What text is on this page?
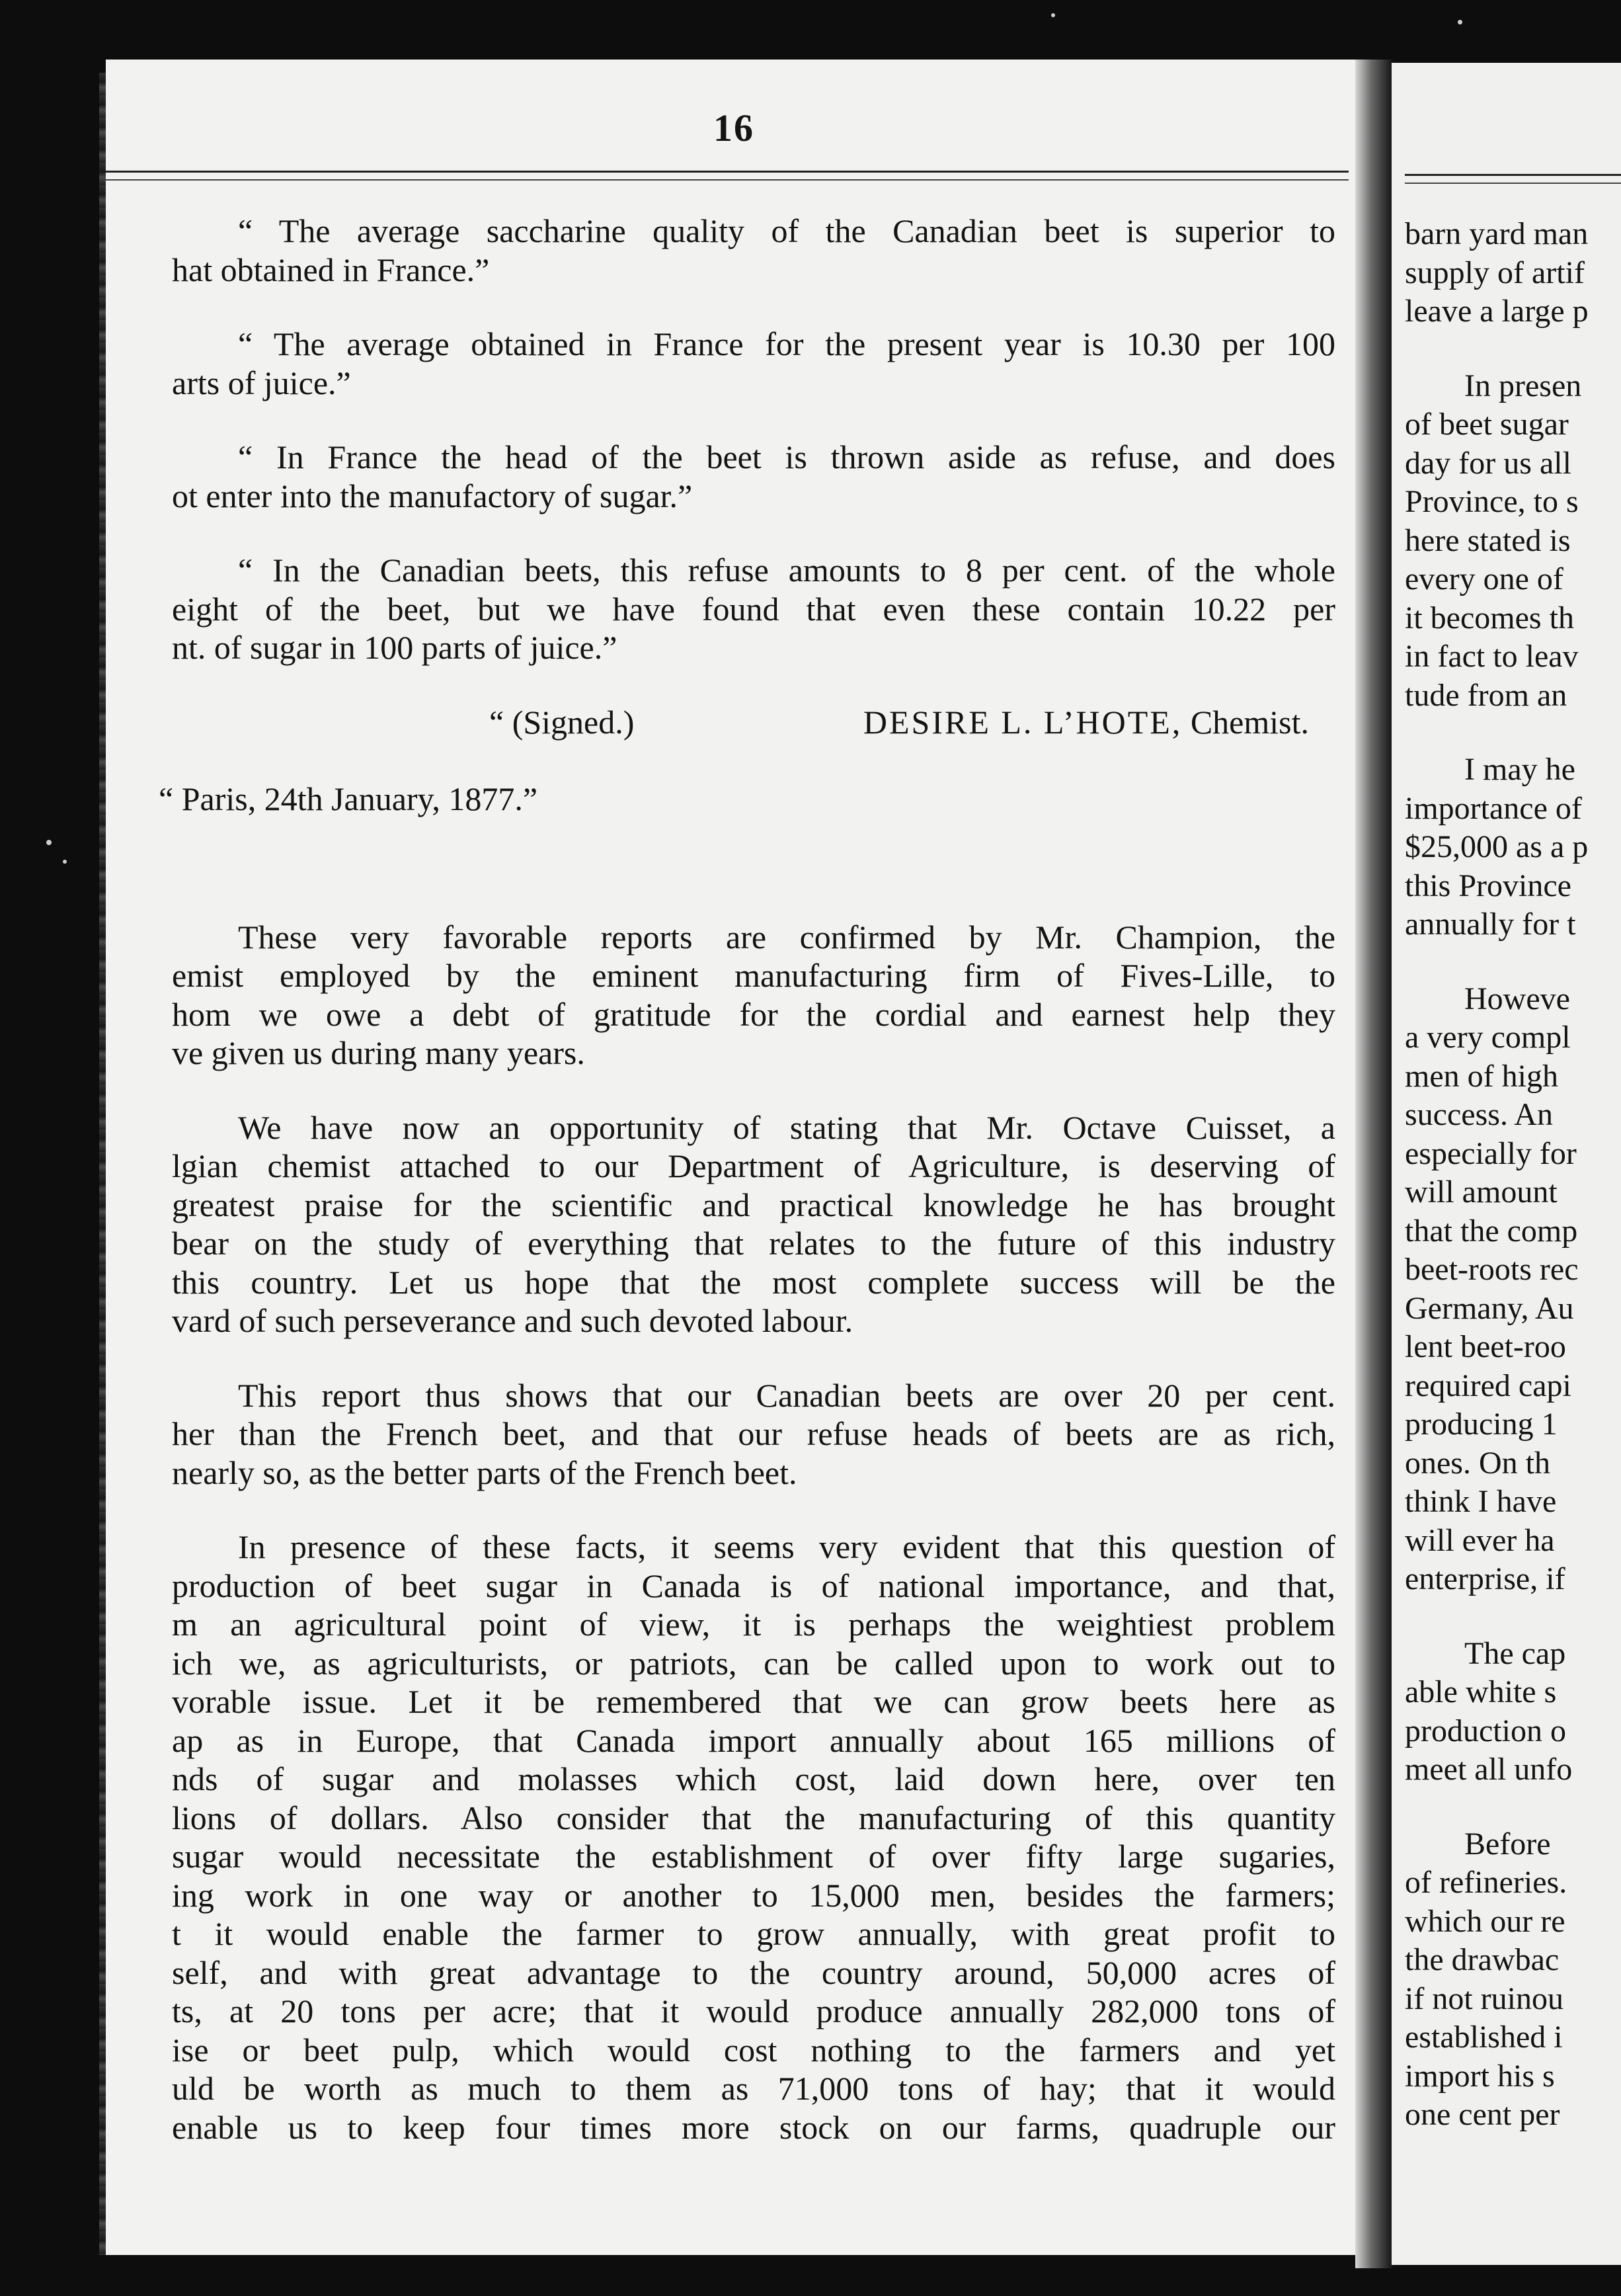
16
“ The average saccharine quality of the Canadian beet is superior to
hat obtained in France.”
“ The average obtained in France for the present year is 10.30 per 100
arts of juice.”
“ In France the head of the beet is thrown aside as refuse, and does
ot enter into the manufactory of sugar.”
“ In the Canadian beets, this refuse amounts to 8 per cent. of the whole
eight of the beet, but we have found that even these contain 10.22 per
nt. of sugar in 100 parts of juice.”
“ (Signed.)	DESIRE L. L’HOTE, Chemist.
“ Paris, 24th January, 1877.”
These very favorable reports are confirmed by Mr. Champion, the
emist employed by the eminent manufacturing firm of Fives-Lille, to
hom we owe a debt of gratitude for the cordial and earnest help they
ve given us during many years.
We have now an opportunity of stating that Mr. Octave Cuisset, a
lgian chemist attached to our Department of Agriculture, is deserving of
greatest praise for the scientific and practical knowledge he has brought
bear on the study of everything that relates to the future of this industry
this country. Let us hope that the most complete success will be the
vard of such perseverance and such devoted labour.
This report thus shows that our Canadian beets are over 20 per cent.
her than the French beet, and that our refuse heads of beets are as rich,
nearly so, as the better parts of the French beet.
In presence of these facts, it seems very evident that this question of
production of beet sugar in Canada is of national importance, and that,
m an agricultural point of view, it is perhaps the weightiest problem
ich we, as agriculturists, or patriots, can be called upon to work out to
vorable issue. Let it be remembered that we can grow beets here as
ap as in Europe, that Canada import annually about 165 millions of
nds of sugar and molasses which cost, laid down here, over ten
lions of dollars. Also consider that the manufacturing of this quantity
sugar would necessitate the establishment of over fifty large sugaries,
ing work in one way or another to 15,000 men, besides the farmers;
t it would enable the farmer to grow annually, with great profit to
self, and with great advantage to the country around, 50,000 acres of
ts, at 20 tons per acre; that it would produce annually 282,000 tons of
ise or beet pulp, which would cost nothing to the farmers and yet
uld be worth as much to them as 71,000 tons of hay; that it would
enable us to keep four times more stock on our farms, quadruple our
barn yard man
supply of artif
leave a large p
In presen
of beet sugar
day for us all
Province, to s
here stated is
every one of
it becomes th
in fact to leav
tude from an
I may he
importance of
$25,000 as a p
this Province
annually for t
Howeve
a very compl
men of high
success. An
especially for
will amount
that the comp
beet-roots rec
Germany, Au
lent beet-roo
required capi
producing 1
ones. On th
think I have
will ever ha
enterprise, if
The cap
able white s
production o
meet all unfo
Before
of refineries.
which our re
the drawbac
if not ruinou
established i
import his s
one cent per
